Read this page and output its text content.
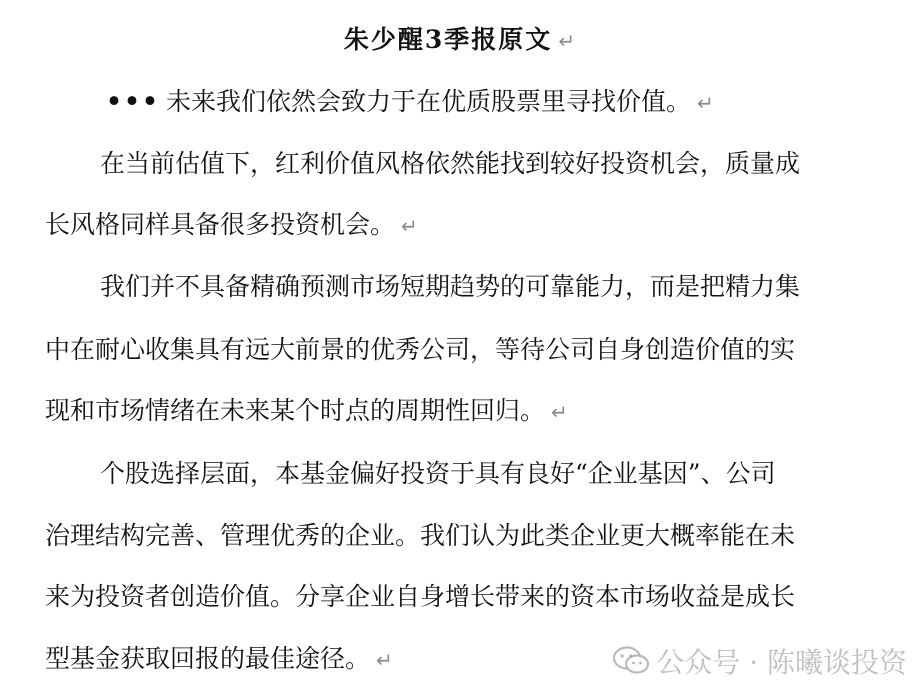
朱少醒3季报原文 ↵
••• 未来我们依然会致力于在优质股票里寻找价值。 ↵
在当前估值下，红利价值风格依然能找到较好投资机会，质量成
长风格同样具备很多投资机会。 ↵
我们并不具备精确预测市场短期趋势的可靠能力，而是把精力集
中在耐心收集具有远大前景的优秀公司，等待公司自身创造价值的实
现和市场情绪在未来某个时点的周期性回归。 ↵
个股选择层面，本基金偏好投资于具有良好“企业基因”、公司
治理结构完善、管理优秀的企业。我们认为此类企业更大概率能在未
来为投资者创造价值。分享企业自身增长带来的资本市场收益是成长
型基金获取回报的最佳途径。 ↵	公众号 · 陈曦谈投资
